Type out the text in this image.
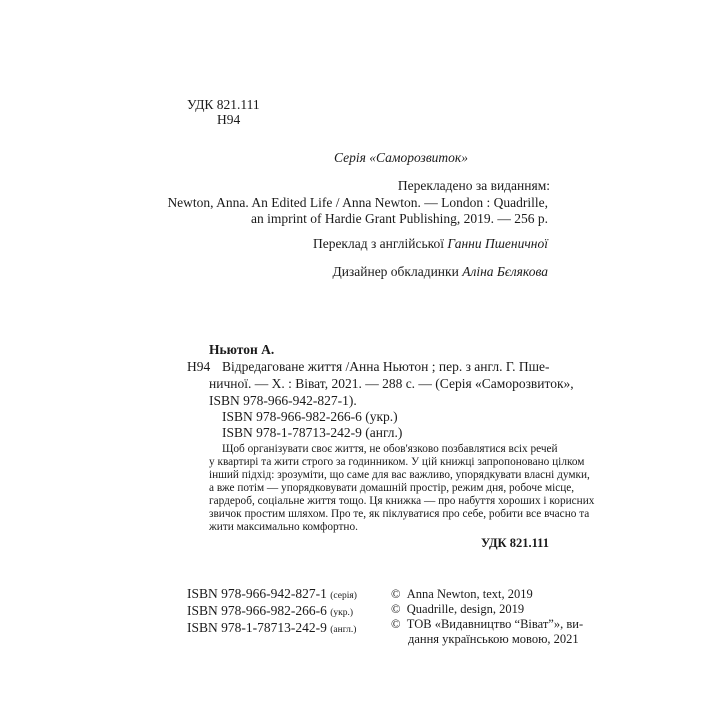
УДК 821.111
Н94
Серія «Саморозвиток»
Перекладено за виданням:
Newton, Anna. An Edited Life / Anna Newton. — London : Quadrille,
an imprint of Hardie Grant Publishing, 2019. — 256 p.
Переклад з англійської Ганни Пшеничної
Дизайнер обкладинки Аліна Бєлякова
Ньютон А.
Н94 Відредаговане життя /Анна Ньютон ; пер. з англ. Г. Пше-
ничної. — Х. : Віват, 2021. — 288 с. — (Серія «Саморозвиток»,
ISBN 978-966-942-827-1).
ISBN 978-966-982-266-6 (укр.)
ISBN 978-1-78713-242-9 (англ.)
Щоб організувати своє життя, не обов'язково позбавлятися всіх речей
у квартирі та жити строго за годинником. У цій книжці запропоновано цілком
інший підхід: зрозуміти, що саме для вас важливо, упорядкувати власні думки,
а вже потім — упорядковувати домашній простір, режим дня, робоче місце,
гардероб, соціальне життя тощо. Ця книжка — про набуття хороших і корисних
звичок простим шляхом. Про те, як піклуватися про себе, робити все вчасно та
жити максимально комфортно.
УДК 821.111
ISBN 978-966-942-827-1 (серія)
ISBN 978-966-982-266-6 (укр.)
ISBN 978-1-78713-242-9 (англ.)
© Anna Newton, text, 2019
© Quadrille, design, 2019
© ТОВ «Видавництво “Віват”», ви-
дання українською мовою, 2021
